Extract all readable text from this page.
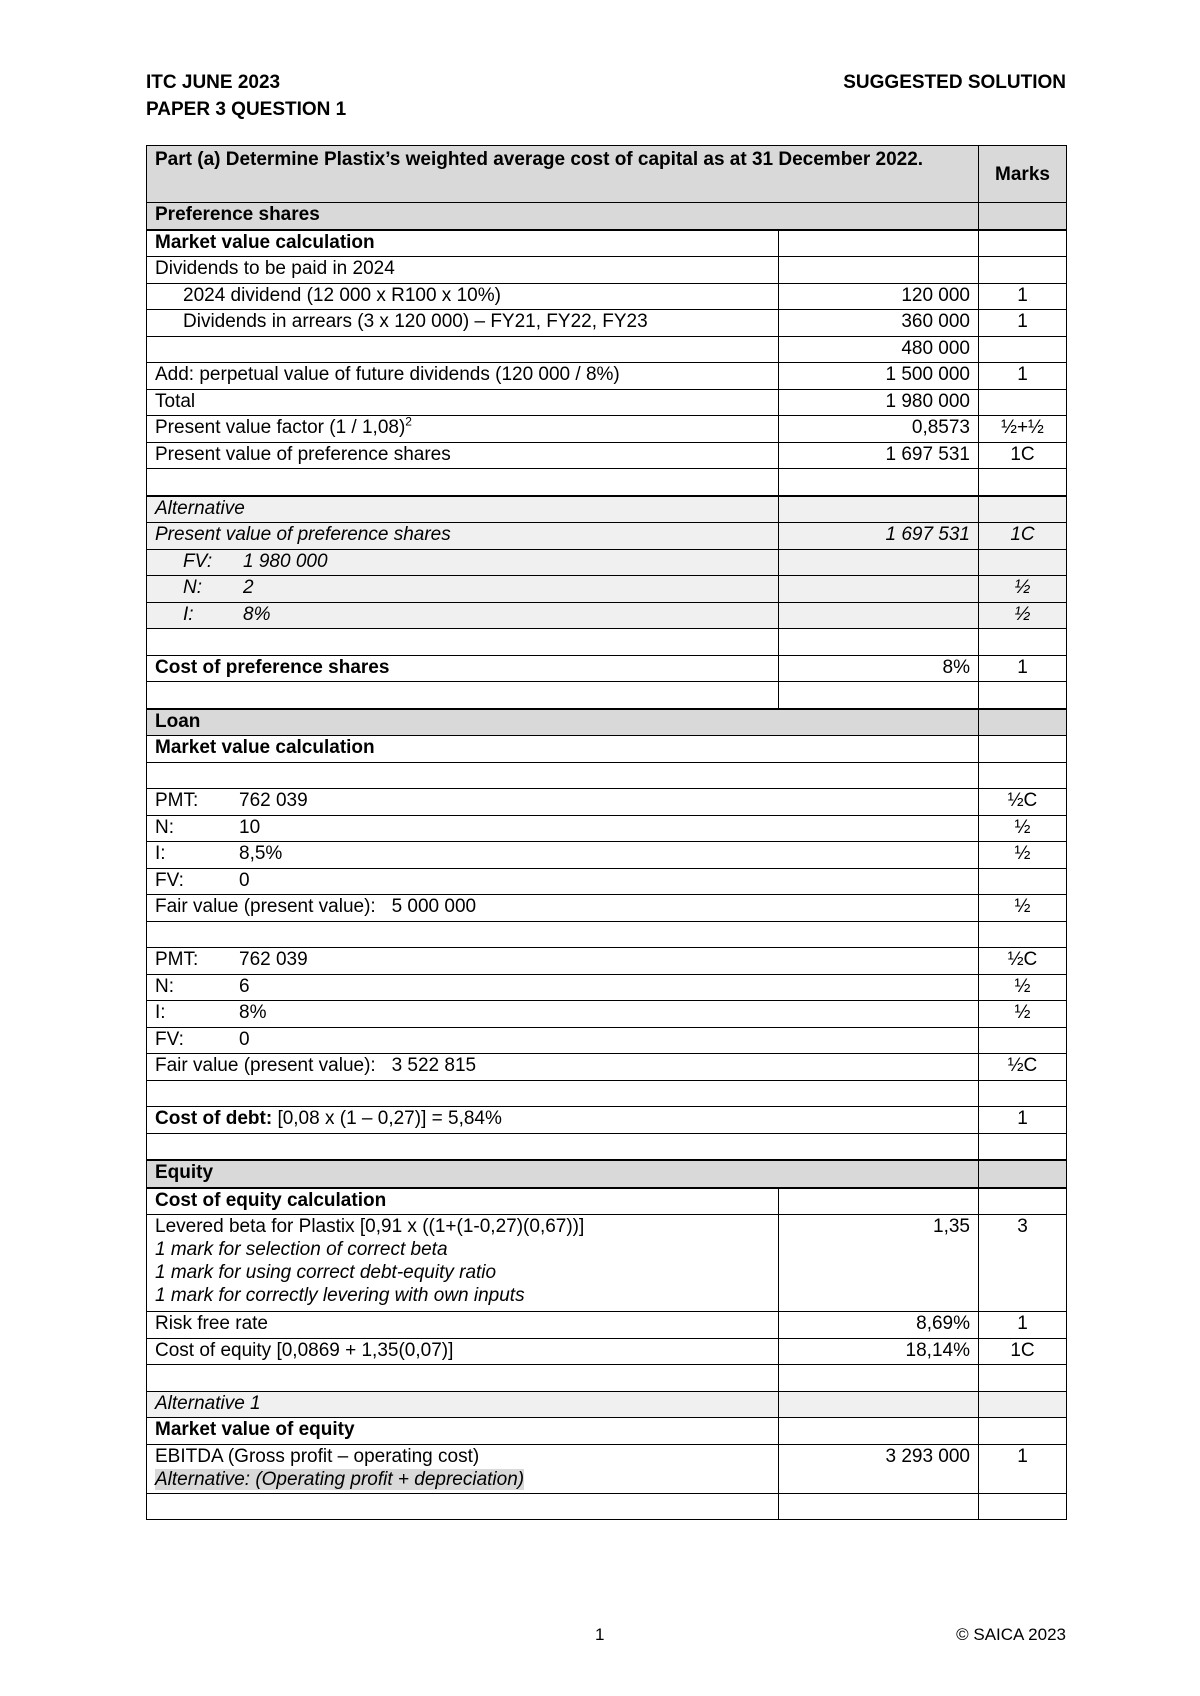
ITC JUNE 2023
PAPER 3 QUESTION 1
SUGGESTED SOLUTION
Part (a) Determine Plastix’s weighted average cost of capital as at 31 December 2022.		Marks
Preference shares		
Market value calculation		
Dividends to be paid in 2024		
2024 dividend (12 000 x R100 x 10%)	120 000	1
Dividends in arrears (3 x 120 000) – FY21, FY22, FY23	360 000	1
	480 000	
Add: perpetual value of future dividends (120 000 / 8%)	1 500 000	1
Total	1 980 000	
Present value factor (1 / 1,08)$^2$	0,8573	½+½
Present value of preference shares	1 697 531	1C

Alternative		
Present value of preference shares	1 697 531	1C
FV: 1 980 000		
N: 2		½
I: 8%		½

Cost of preference shares	8%	1

Loan		
Market value calculation		

PMT: 762 039		½C
N: 10		½
I: 8,5%		½
FV: 0		
Fair value (present value): 5 000 000		½

PMT: 762 039		½C
N: 6		½
I: 8%		½
FV: 0		
Fair value (present value): 3 522 815		½C

Cost of debt: [0,08 x (1 – 0,27)] = 5,84%		1

Equity		
Cost of equity calculation		

Levered beta for Plastix [0,91 x ((1+(1-0,27)(0,67))]
1 mark for selection of correct beta
1 mark for using correct debt-equity ratio
1 mark for correctly levering with own inputs	1,35	3
Risk free rate	8,69%	1
Cost of equity [0,0869 + 1,35(0,07)]	18,14%	1C

Alternative 1		
Market value of equity		

EBITDA (Gross profit – operating cost)
Alternative: (Operating profit + depreciation)	3 293 000	1

1	© SAICA 2023
